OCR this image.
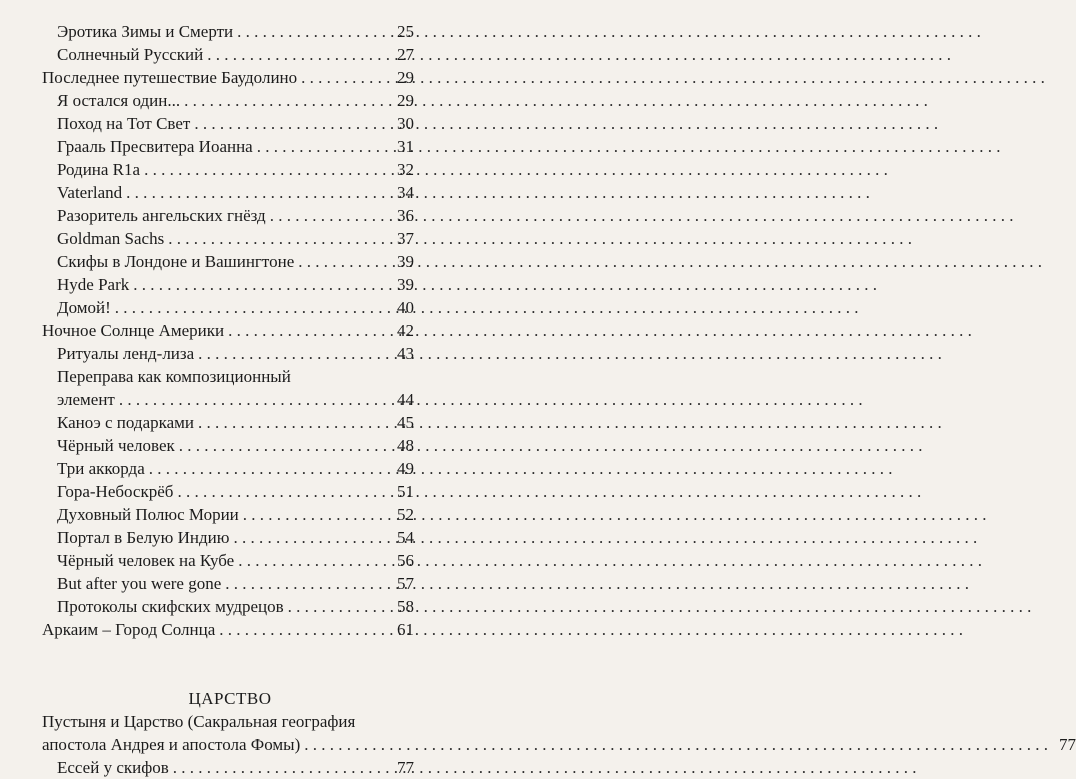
Эротика Зимы и Смерти . . .	25
Солнечный Русский . . .	27
Последнее путешествие Баудолино . . .	29
Я остался один... . . .	29
Поход на Тот Свет . . .	30
Грааль Пресвитера Иоанна . . .	31
Родина R1a . . .	32
Vaterland . . .	34
Разоритель ангельских гнёзд . . .	36
Goldman Sachs . . .	37
Скифы в Лондоне и Вашингтоне . . .	39
Hyde Park . . .	39
Домой! . . .	40
Ночное Солнце Америки . . .	42
Ритуалы ленд-лиза . . .	43
Переправа как композиционный
элемент . . .	44
Каноэ с подарками . . .	45
Чёрный человек . . .	48
Три аккорда . . .	49
Гора-Небоскрёб . . .	51
Духовный Полюс Мории . . .	52
Портал в Белую Индию . . .	54
Чёрный человек на Кубе . . .	56
But after you were gone . . .	57
Протоколы скифских мудрецов . . .	58
Аркаим – Город Солнца . . .	61
ЦАРСТВО
Пустыня и Царство (Сакральная география
апостола Андрея и апостола Фомы) . . .	77
Ессей у скифов . . .	77
